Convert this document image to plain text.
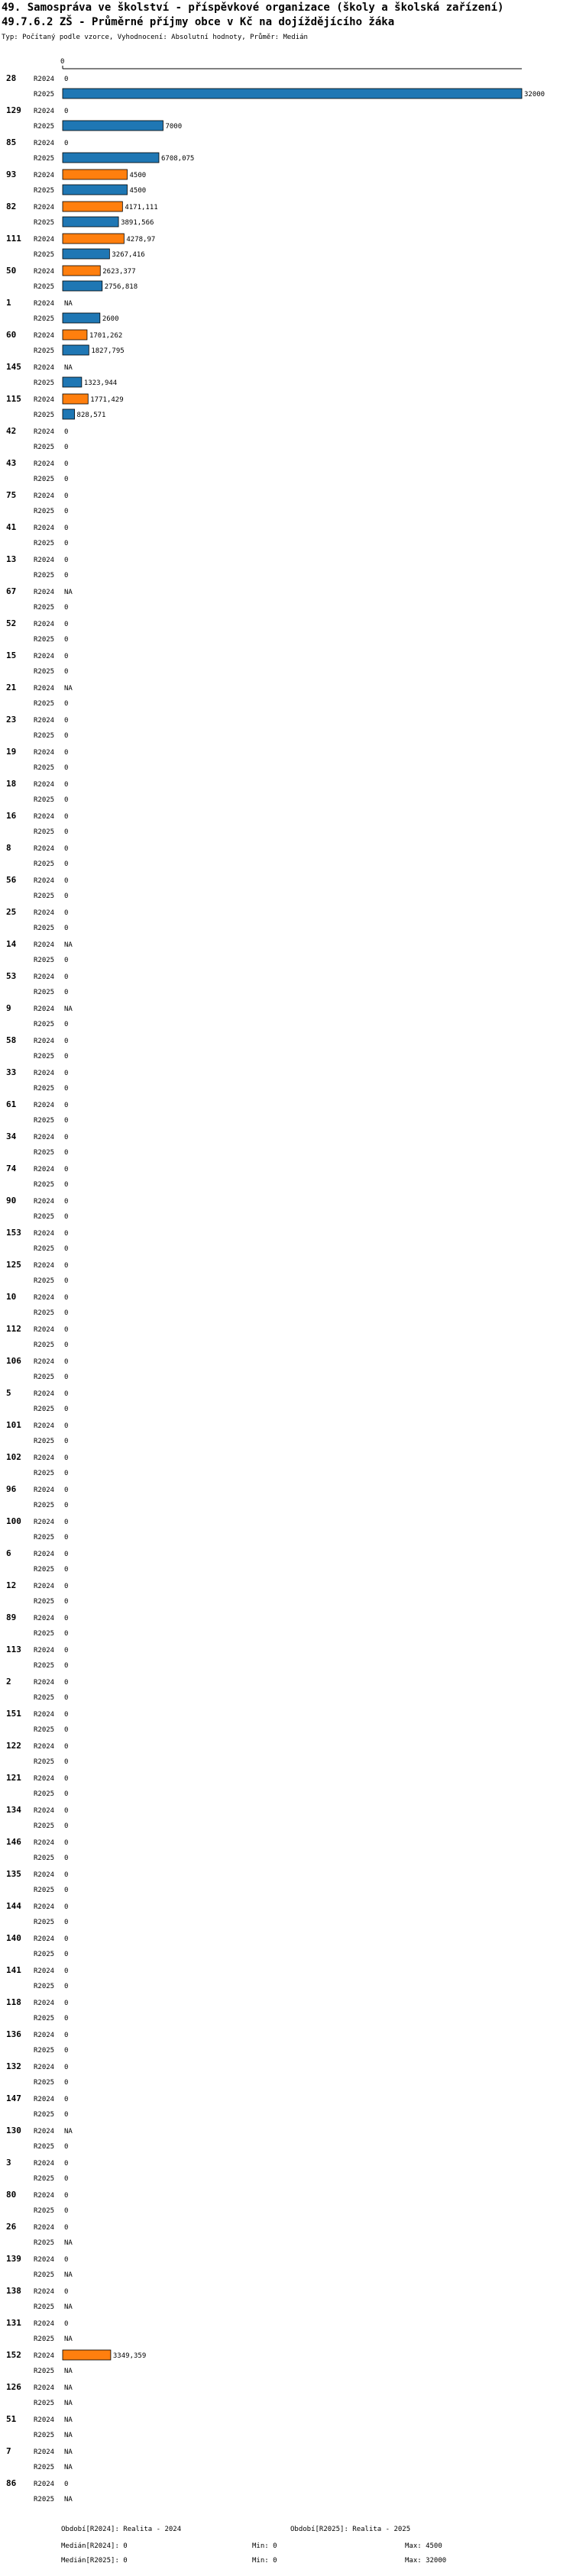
49. Samospráva ve školství - příspěvkové organizace (školy a školská zařízení)
49.7.6.2 ZŠ - Průměrné příjmy obce v Kč na dojíždějícího žáka
Typ: Počítaný podle vzorce, Vyhodnocení: Absolutní hodnoty, Průměr: Medián
0
28	R2024 0
R2025	32000
129 R2024 0
R2025	7000
85	R2024 0
R2025	6708,075
93	R2024	4500
R2025	4500
82	R2024	4171,111
R2025	3891,566
111 R2024	4278,97
R2025	3267,416
50	R2024	2623,377
R2025	2756,818
1	R2024 NA
R2025	2600
60	R2024	1701,262
R2025	1827,795
145 R2024 NA
R2025	1323,944
115 R2024	1771,429
R2025	828,571
42	R2024 0
R2025 0
43	R2024 0
R2025 0
75	R2024 0
R2025 0
41	R2024 0
R2025 0
13	R2024 0
R2025 0
67	R2024 NA
R2025 0
52	R2024 0
R2025 0
15	R2024 0
R2025 0
21	R2024 NA
R2025 0
23	R2024 0
R2025 0
19	R2024 0
R2025 0
18	R2024 0
R2025 0
16	R2024 0
R2025 0
8	R2024 0
R2025 0
56	R2024 0
R2025 0
25	R2024 0
R2025 0
14	R2024 NA
R2025 0
53	R2024 0
R2025 0
9	R2024 NA
R2025 0
58	R2024 0
R2025 0
33	R2024 0
R2025 0
61	R2024 0
R2025 0
34	R2024 0
R2025 0
74	R2024 0
R2025 0
90	R2024 0
R2025 0
153 R2024 0
R2025 0
125 R2024 0
R2025 0
10	R2024 0
R2025 0
112 R2024 0
R2025 0
106 R2024 0
R2025 0
5	R2024 0
R2025 0
101 R2024 0
R2025 0
102 R2024 0
R2025 0
96	R2024 0
R2025 0
100 R2024 0
R2025 0
6	R2024 0
R2025 0
12	R2024 0
R2025 0
89	R2024 0
R2025 0
113 R2024 0
R2025 0
2	R2024 0
R2025 0
151 R2024 0
R2025 0
122 R2024 0
R2025 0
121 R2024 0
R2025 0
134 R2024 0
R2025 0
146 R2024 0
R2025 0
135 R2024 0
R2025 0
144 R2024 0
R2025 0
140 R2024 0
R2025 0
141 R2024 0
R2025 0
118 R2024 0
R2025 0
136 R2024 0
R2025 0
132 R2024 0
R2025 0
147 R2024 0
R2025 0
130 R2024 NA
R2025 0
3	R2024 0
R2025 0
80	R2024 0
R2025 0
26	R2024 0
R2025 NA
139 R2024 0
R2025 NA
138 R2024 0
R2025 NA
131 R2024 0
R2025 NA
152 R2024	3349,359
R2025 NA
126 R2024 NA
R2025 NA
51	R2024 NA
R2025 NA
7	R2024 NA
R2025 NA
86	R2024 0
R2025 NA
Období[R2024]: Realita - 2024	Období[R2025]: Realita - 2025
Medián[R2024]: 0	Min: 0	Max: 4500
Medián[R2025]: 0	Min: 0	Max: 32000
